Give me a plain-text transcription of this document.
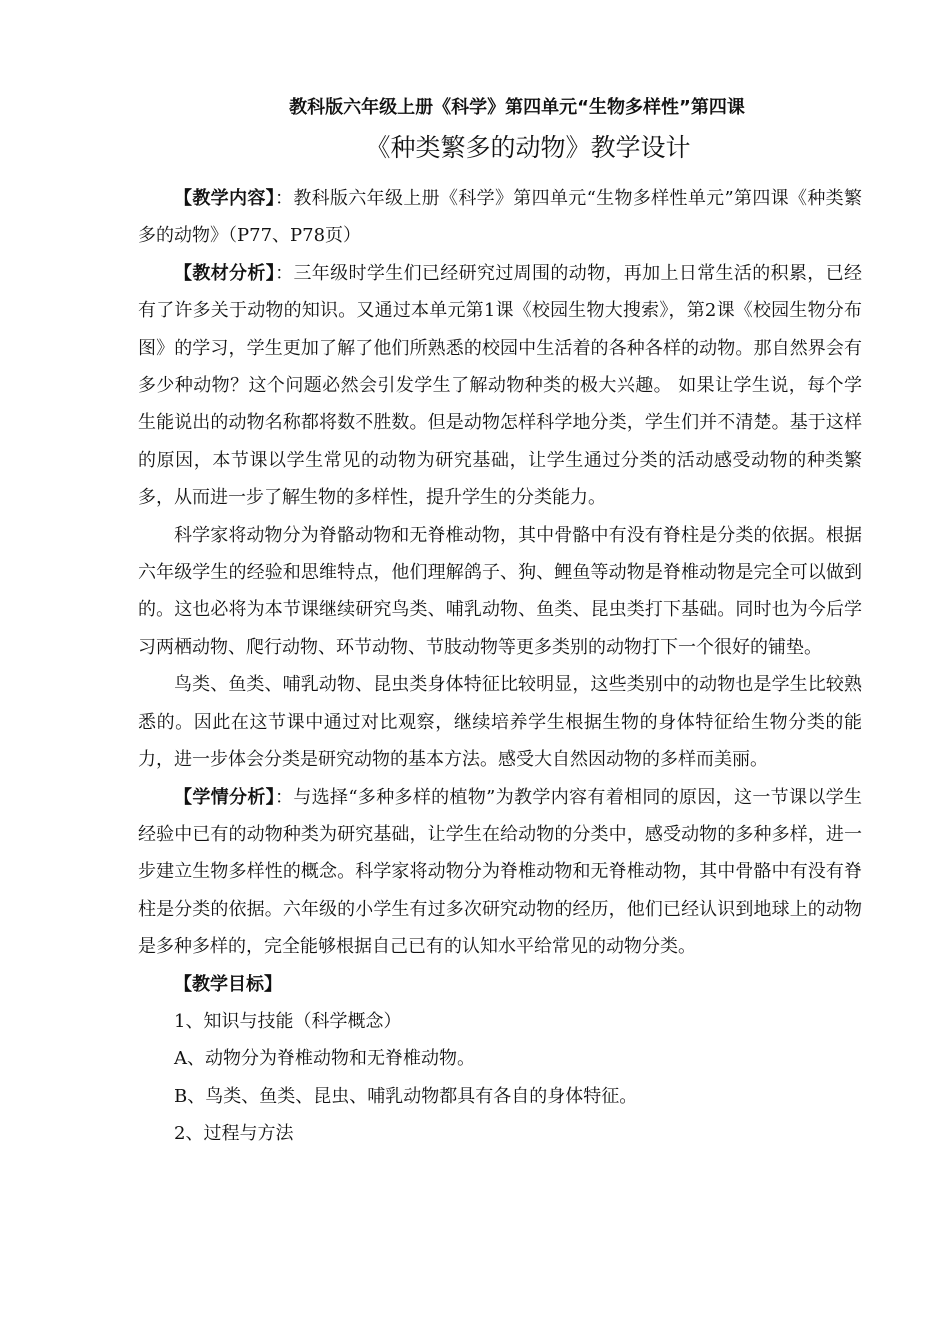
教科版六年级上册《科学》第四单元“生物多样性”第四课
《种类繁多的动物》教学设计

【教学内容】：教科版六年级上册《科学》第四单元“生物多样性单元”第四课《种类繁多的动物》（P77、P78页）

【教材分析】：三年级时学生们已经研究过周围的动物，再加上日常生活的积累，已经有了许多关于动物的知识。又通过本单元第1课《校园生物大搜索》，第2课《校园生物分布图》的学习，学生更加了解了他们所熟悉的校园中生活着的各种各样的动物。那自然界会有多少种动物？这个问题必然会引发学生了解动物种类的极大兴趣。 如果让学生说，每个学生能说出的动物名称都将数不胜数。但是动物怎样科学地分类，学生们并不清楚。基于这样的原因，本节课以学生常见的动物为研究基础，让学生通过分类的活动感受动物的种类繁多，从而进一步了解生物的多样性，提升学生的分类能力。

科学家将动物分为脊骼动物和无脊椎动物，其中骨骼中有没有脊柱是分类的依据。根据六年级学生的经验和思维特点，他们理解鸽子、狗、鲤鱼等动物是脊椎动物是完全可以做到的。这也必将为本节课继续研究鸟类、哺乳动物、鱼类、昆虫类打下基础。同时也为今后学习两栖动物、爬行动物、环节动物、节肢动物等更多类别的动物打下一个很好的铺垫。

鸟类、鱼类、哺乳动物、昆虫类身体特征比较明显，这些类别中的动物也是学生比较熟悉的。因此在这节课中通过对比观察，继续培养学生根据生物的身体特征给生物分类的能力，进一步体会分类是研究动物的基本方法。感受大自然因动物的多样而美丽。

【学情分析】：与选择“多种多样的植物”为教学内容有着相同的原因，这一节课以学生经验中已有的动物种类为研究基础，让学生在给动物的分类中，感受动物的多种多样，进一步建立生物多样性的概念。科学家将动物分为脊椎动物和无脊椎动物，其中骨骼中有没有脊柱是分类的依据。六年级的小学生有过多次研究动物的经历，他们已经认识到地球上的动物是多种多样的，完全能够根据自己已有的认知水平给常见的动物分类。

【教学目标】

1、知识与技能（科学概念）

A、动物分为脊椎动物和无脊椎动物。

B、鸟类、鱼类、昆虫、哺乳动物都具有各自的身体特征。

2、过程与方法
